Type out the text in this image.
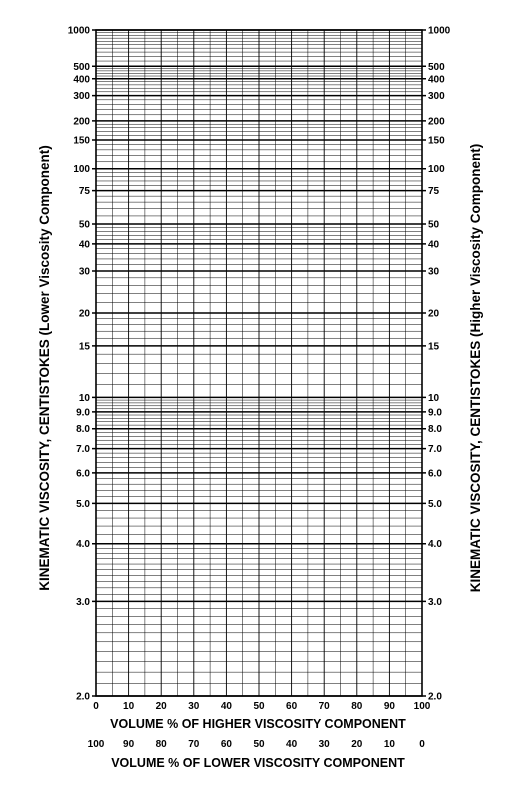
1000
500
400
300
200
150
100
75
50
40
30
20
15
10
9.0
8.0
7.0
6.0
5.0
4.0
3.0
2.0
1000
500
400
300
200
150
100
75
50
40
30
20
15
10
9.0
8.0
7.0
6.0
5.0
4.0
3.0
2.0
0 10 20 30 40 50 60 70 80 90 100
100 90 80 70 60 50 40 30 20 10 0
VOLUME % OF HIGHER VISCOSITY COMPONENT
VOLUME % OF LOWER VISCOSITY COMPONENT
KINEMATIC VISCOSITY, CENTISTOKES (Lower Viscosity Component)	KINEMATIC VISCOSITY, CENTISTOKES (Higher Viscosity Component)
